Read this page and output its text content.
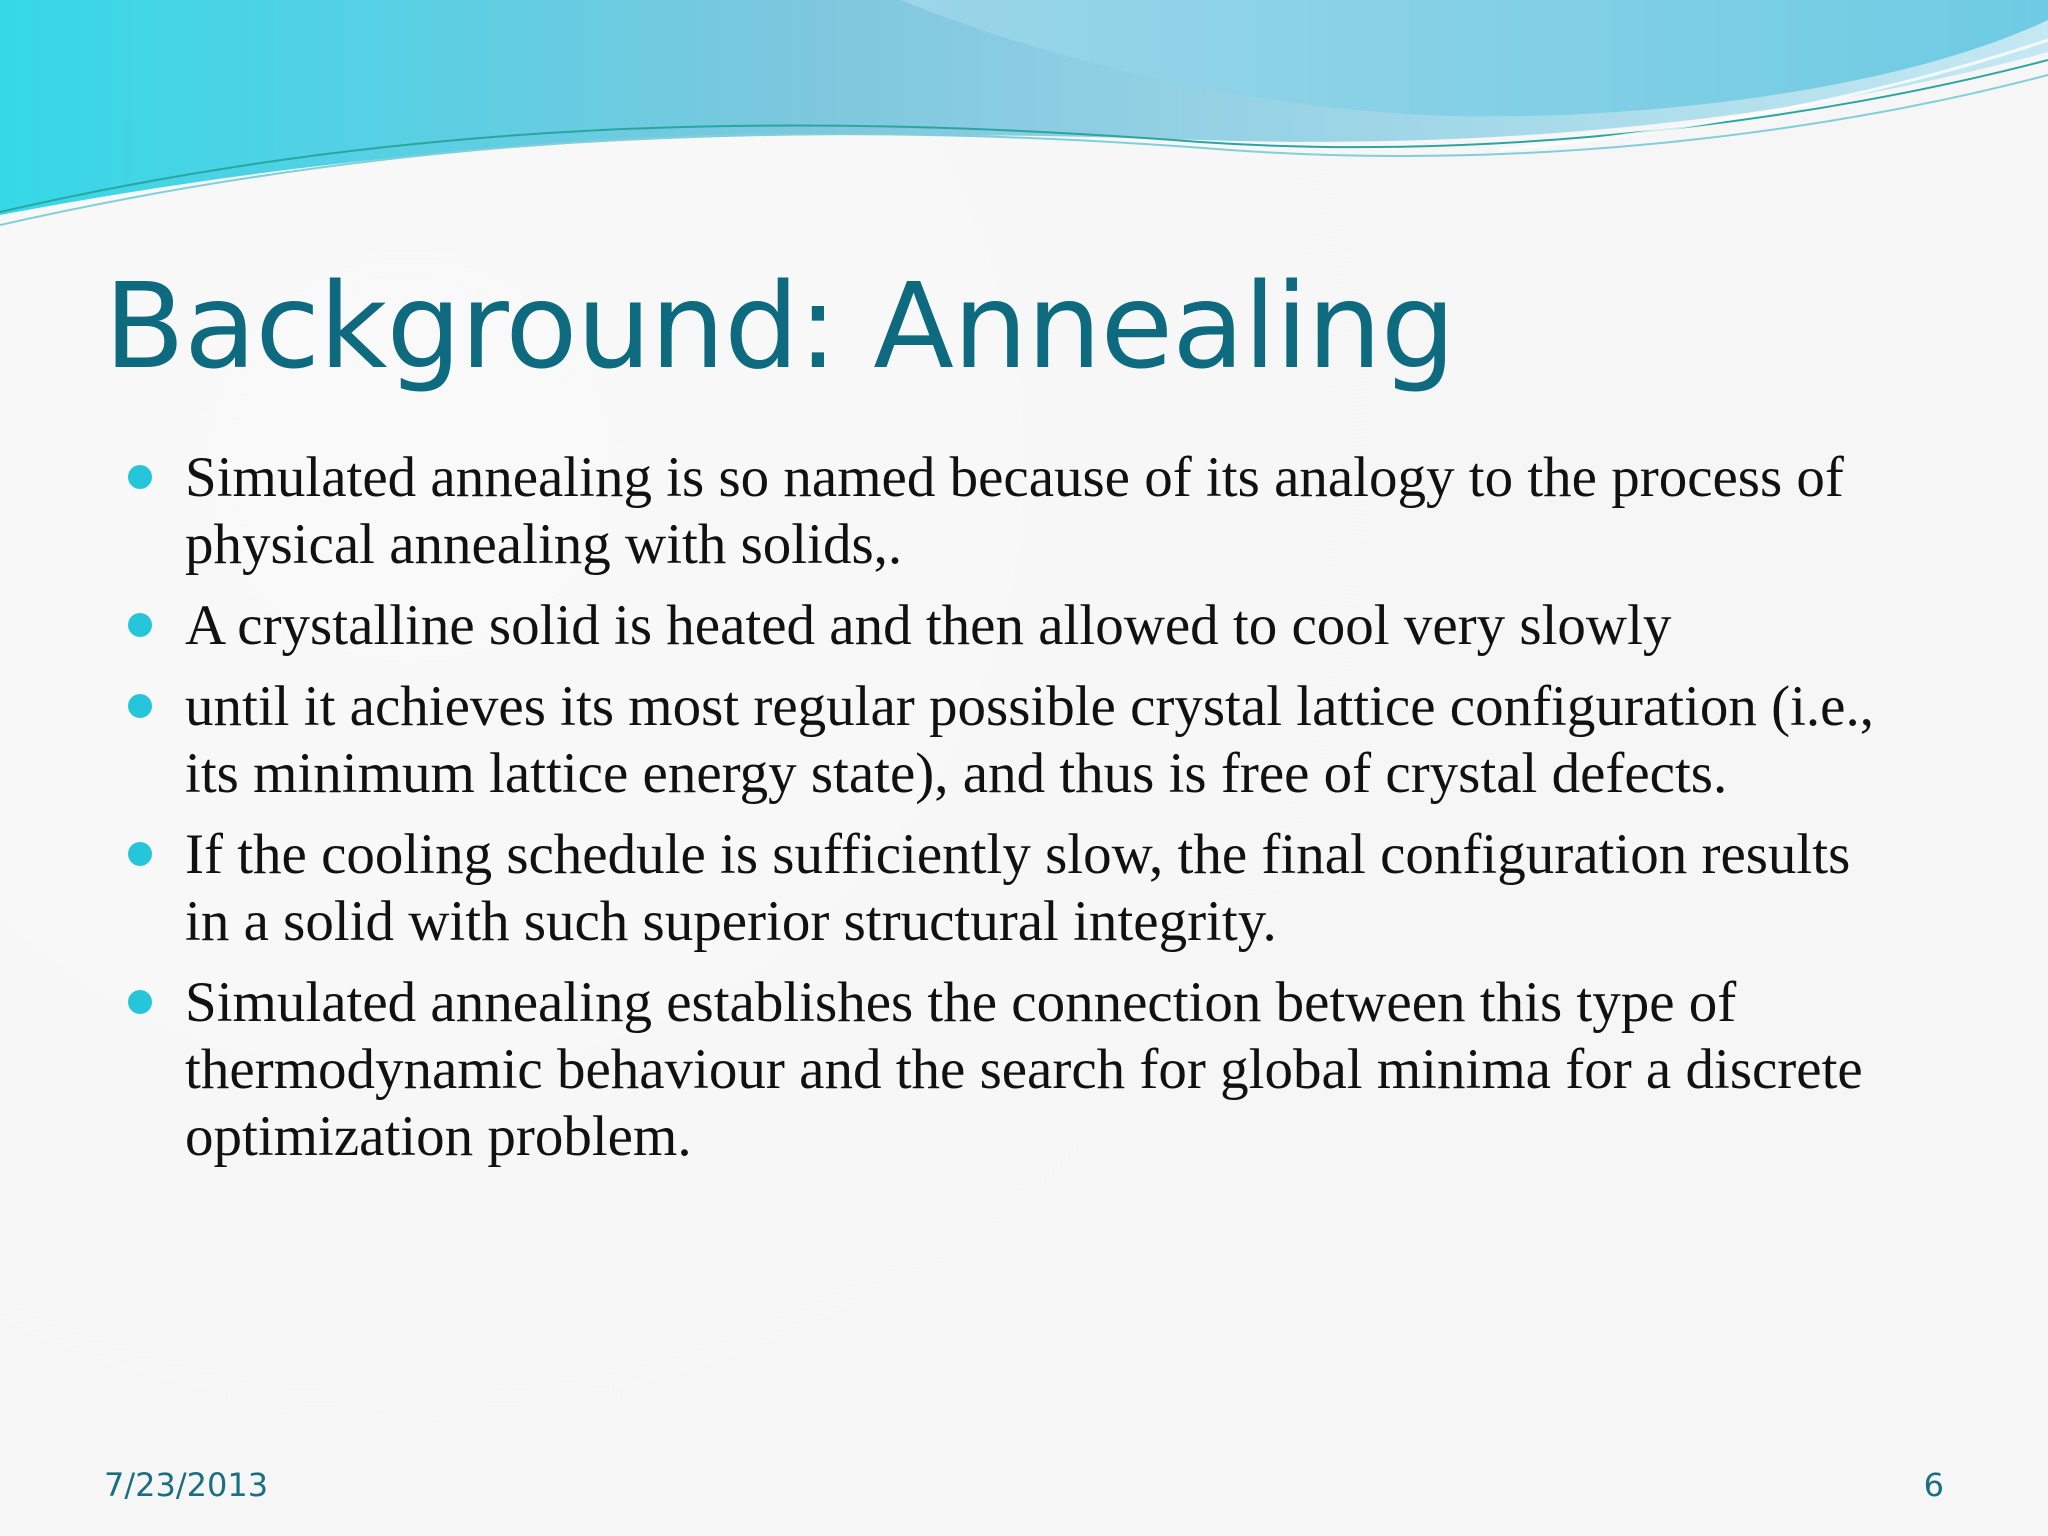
Background: Annealing
Simulated annealing is so named because of its analogy to the process of physical annealing with solids,.
A crystalline solid is heated and then allowed to cool very slowly
until it achieves its most regular possible crystal lattice configuration (i.e., its minimum lattice energy state), and thus is free of crystal defects.
If the cooling schedule is sufficiently slow, the final configuration results in a solid with such superior structural integrity.
Simulated annealing establishes the connection between this type of thermodynamic behaviour and the search for global minima for a discrete optimization problem.
7/23/2013	6
